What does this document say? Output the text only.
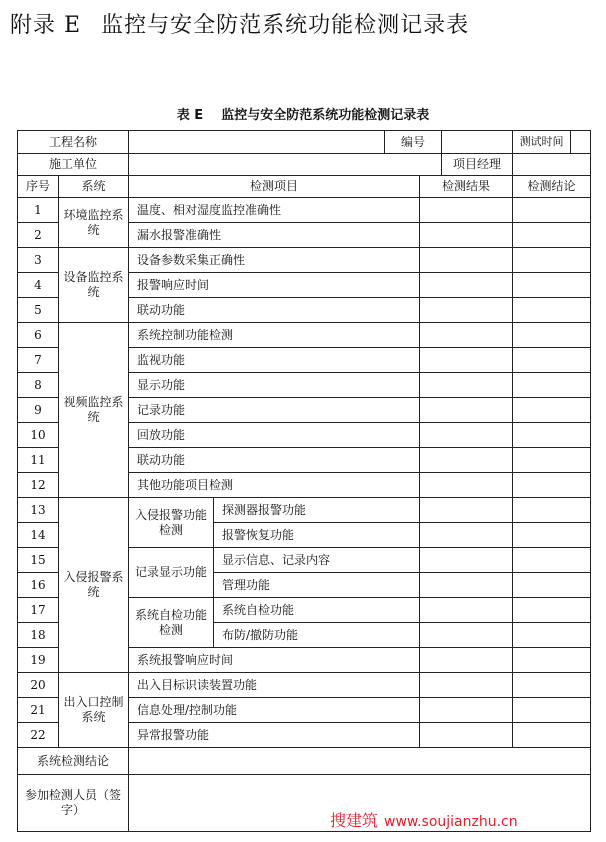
附录 E 监控与安全防范系统功能检测记录表
表 E 监控与安全防范系统功能检测记录表
工程名称				编号			测试时间	
施工单位						项目经理		
序号	系统	检测项目			检测结果		检测结论	
1	环境监控系统	温度、相对湿度监控准确性						
2		漏水报警准确性						
3	设备监控系统	设备参数采集正确性						
4		报警响应时间						
5		联动功能						
6	视频监控系统	系统控制功能检测						
7		监视功能						
8		显示功能						
9		记录功能						
10		回放功能						
11		联动功能						
12		其他功能项目检测						
13	入侵报警系统	入侵报警功能检测	探测器报警功能					
14			报警恢复功能					
15		记录显示功能	显示信息、记录内容					
16			管理功能					
17		系统自检功能检测	系统自检功能					
18			布防/撤防功能					
19		系统报警响应时间						
20	出入口控制系统	出入目标识读装置功能						
21		信息处理/控制功能						
22		异常报警功能						
系统检测结论								
参加检测人员（签字）								
搜建筑 www.soujianzhu.cn
